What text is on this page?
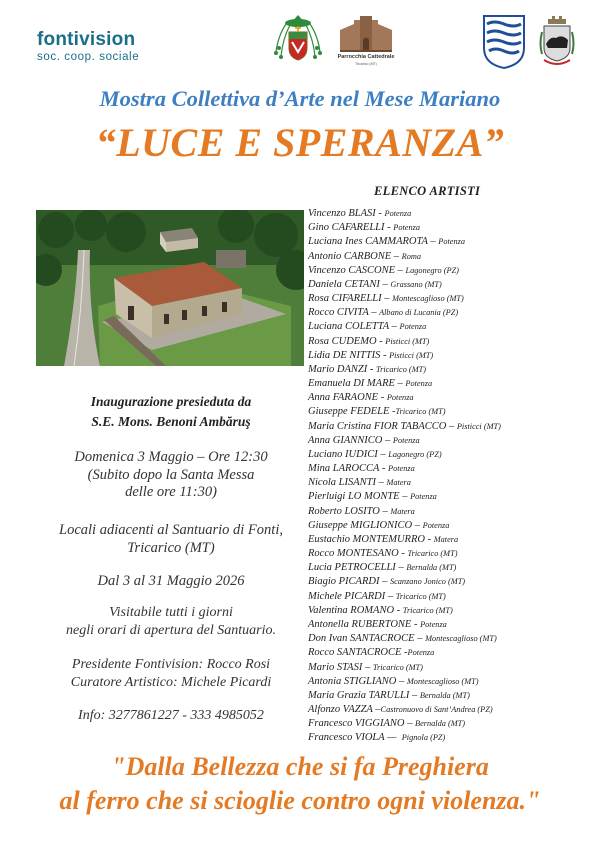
fontivision
soc. coop. sociale	Parrocchia Cattedrale
Tricarico (MT)
Mostra Collettiva d’Arte nel Mese Mariano
“LUCE E SPERANZA”
ELENCO ARTISTI
Vincenzo BLASI - Potenza
Gino CAFARELLI - Potenza
Luciana Ines CAMMAROTA – Potenza
Antonio CARBONE – Roma
Vincenzo CASCONE – Lagonegro (PZ)
Daniela CETANI – Grassano (MT)
Rosa CIFARELLI – Montescaglioso (MT)
Rocco CIVITA – Albano di Lucania (PZ)
Luciana COLETTA – Potenza
Rosa CUDEMO - Pisticci (MT)
Lidia DE NITTIS - Pisticci (MT)
Mario DANZI - Tricarico (MT)
Emanuela DI MARE – Potenza
Anna FARAONE - Potenza
Giuseppe FEDELE -Tricarico (MT)
Maria Cristina FIOR TABACCO – Pisticci (MT)
Anna GIANNICO – Potenza
Luciano IUDICI – Lagonegro (PZ)
Mina LAROCCA - Potenza
Nicola LISANTI – Matera
Pierluigi LO MONTE – Potenza
Roberto LOSITO – Matera
Giuseppe MIGLIONICO – Potenza
Eustachio MONTEMURRO - Matera
Rocco MONTESANO - Tricarico (MT)
Lucia PETROCELLI – Bernalda (MT)
Biagio PICARDI – Scanzano Jonico (MT)
Michele PICARDI – Tricarico (MT)
Valentina ROMANO - Tricarico (MT)
Antonella RUBERTONE - Potenza
Don Ivan SANTACROCE – Montescaglioso (MT)
Rocco SANTACROCE -Potenza
Mario STASI – Tricarico (MT)
Antonia STIGLIANO – Montescaglioso (MT)
Maria Grazia TARULLI – Bernalda (MT)
Alfonzo VAZZA –Castronuovo di Sant’Andrea (PZ)
Francesco VIGGIANO – Bernalda (MT)
Francesco VIOLA —  Pignola (PZ)
Inaugurazione presieduta da
S.E. Mons. Benoni Ambăruş
Domenica 3 Maggio – Ore 12:30
(Subito dopo la Santa Messa
delle ore 11:30)
Locali adiacenti al Santuario di Fonti,
Tricarico (MT)
Dal 3 al 31 Maggio 2026
Visitabile tutti i giorni
negli orari di apertura del Santuario.
Presidente Fontivision: Rocco Rosi
Curatore Artistico: Michele Picardi
Info: 3277861227 - 333 4985052
"Dalla Bellezza che si fa Preghiera
al ferro che si scioglie contro ogni violenza."
